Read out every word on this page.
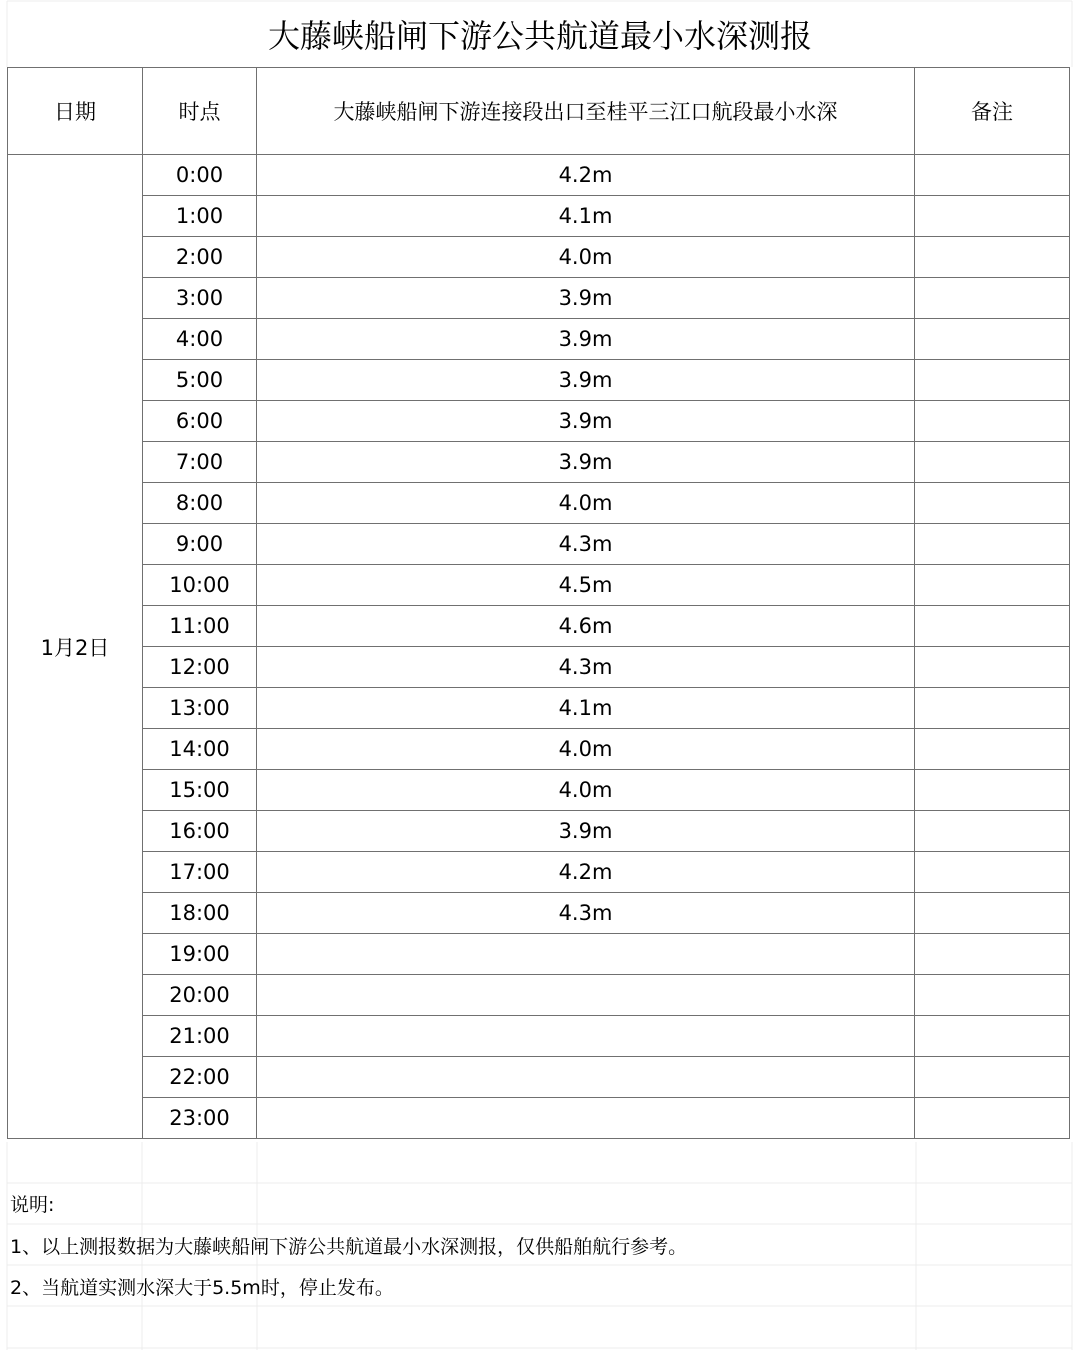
大藤峡船闸下游公共航道最小水深测报
日期	时点	大藤峡船闸下游连接段出口至桂平三江口航段最小水深	备注
1月2日	0:00	4.2m	
	1:00	4.1m	
	2:00	4.0m	
	3:00	3.9m	
	4:00	3.9m	
	5:00	3.9m	
	6:00	3.9m	
	7:00	3.9m	
	8:00	4.0m	
	9:00	4.3m	
	10:00	4.5m	
	11:00	4.6m	
	12:00	4.3m	
	13:00	4.1m	
	14:00	4.0m	
	15:00	4.0m	
	16:00	3.9m	
	17:00	4.2m	
	18:00	4.3m	
	19:00		
	20:00		
	21:00		
	22:00		
	23:00		
说明:
1、以上测报数据为大藤峡船闸下游公共航道最小水深测报，仅供船舶航行参考。
2、当航道实测水深大于5.5m时，停止发布。
